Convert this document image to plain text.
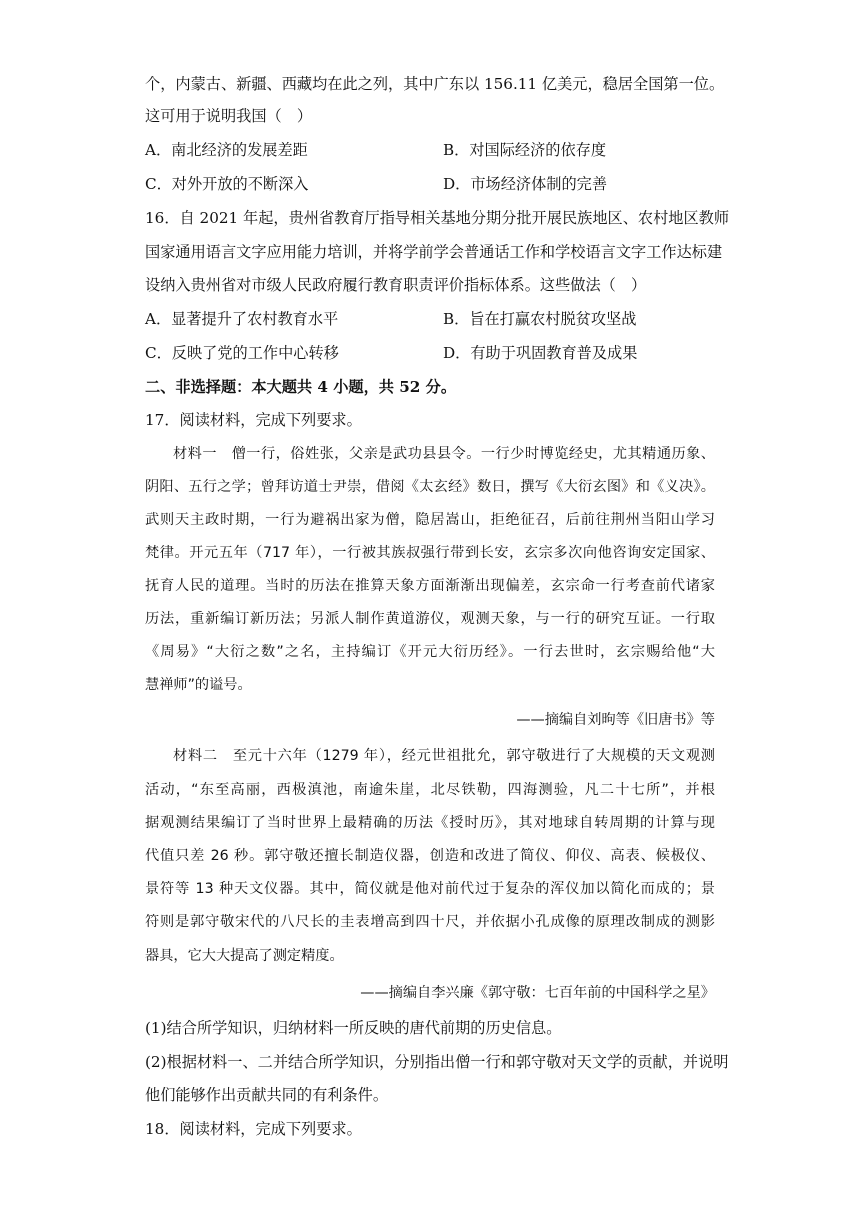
个，内蒙古、新疆、西藏均在此之列，其中广东以 156.11 亿美元，稳居全国第一位。
这可用于说明我国（　）
A．南北经济的发展差距	B．对国际经济的依存度
C．对外开放的不断深入	D．市场经济体制的完善
16．自 2021 年起，贵州省教育厅指导相关基地分期分批开展民族地区、农村地区教师
国家通用语言文字应用能力培训，并将学前学会普通话工作和学校语言文字工作达标建
设纳入贵州省对市级人民政府履行教育职责评价指标体系。这些做法（　）
A．显著提升了农村教育水平	B．旨在打赢农村脱贫攻坚战
C．反映了党的工作中心转移	D．有助于巩固教育普及成果
二、非选择题：本大题共 4 小题，共 52 分。
17．阅读材料，完成下列要求。
材料一　僧一行，俗姓张，父亲是武功县县令。一行少时博览经史，尤其精通历象、
阴阳、五行之学；曾拜访道士尹崇，借阅《太玄经》数日，撰写《大衍玄图》和《义决》。
武则天主政时期，一行为避祸出家为僧，隐居嵩山，拒绝征召，后前往荆州当阳山学习
梵律。开元五年（717 年），一行被其族叔强行带到长安，玄宗多次向他咨询安定国家、
抚育人民的道理。当时的历法在推算天象方面渐渐出现偏差，玄宗命一行考查前代诸家
历法，重新编订新历法；另派人制作黄道游仪，观测天象，与一行的研究互证。一行取
《周易》“大衍之数”之名，主持编订《开元大衍历经》。一行去世时，玄宗赐给他“大
慧禅师”的谥号。
——摘编自刘昫等《旧唐书》等
材料二　至元十六年（1279 年），经元世祖批允，郭守敬进行了大规模的天文观测
活动，“东至高丽，西极滇池，南逾朱崖，北尽铁勒，四海测验，凡二十七所”，并根
据观测结果编订了当时世界上最精确的历法《授时历》，其对地球自转周期的计算与现
代值只差 26 秒。郭守敬还擅长制造仪器，创造和改进了简仪、仰仪、高表、候极仪、
景符等 13 种天文仪器。其中，简仪就是他对前代过于复杂的浑仪加以简化而成的；景
符则是郭守敬宋代的八尺长的圭表增高到四十尺，并依据小孔成像的原理改制成的测影
器具，它大大提高了测定精度。
——摘编自李兴廉《郭守敬：七百年前的中国科学之星》
(1)结合所学知识，归纳材料一所反映的唐代前期的历史信息。
(2)根据材料一、二并结合所学知识，分别指出僧一行和郭守敬对天文学的贡献，并说明
他们能够作出贡献共同的有利条件。
18．阅读材料，完成下列要求。
